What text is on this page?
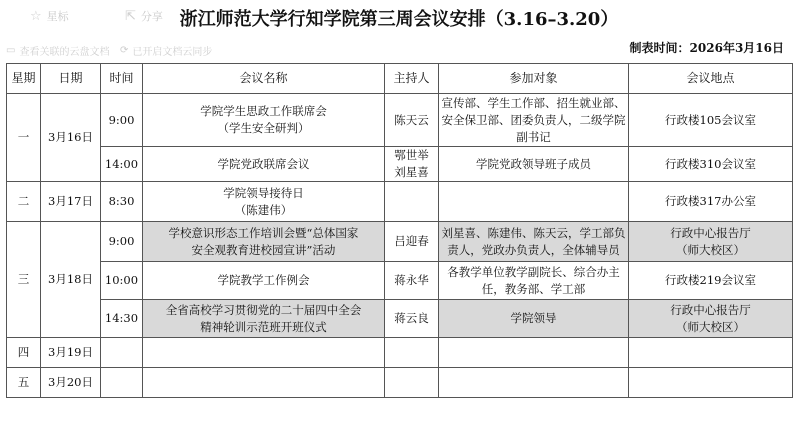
☆ 星标	⇱ 分享 浙江师范大学行知学院第三周会议安排（3.16–3.20）
▭ 查看关联的云盘文档 ⟳ 已开启文档云同步	制表时间：2026年3月16日
星期	日期	时间	会议名称	主持人	参加对象	会议地点

一	3月16日	9:00	学院学生思政工作联席会
（学生安全研判）	陈天云	宣传部、学生工作部、招生就业部、
安全保卫部、团委负责人，二级学院
副书记	行政楼105会议室

		14:00	学院党政联席会议	鄂世举
刘星喜	学院党政领导班子成员	行政楼310会议室

二	3月17日	8:30	学院领导接待日
（陈建伟）			行政楼317办公室

三	3月18日	9:00	学校意识形态工作培训会暨“总体国家
安全观教育进校园宣讲”活动	吕迎春	刘星喜、陈建伟、陈天云，学工部负
责人，党政办负责人，全体辅导员	行政中心报告厅
（师大校区）

		10:00	学院教学工作例会	蒋永华	各教学单位教学副院长、综合办主
任，教务部、学工部	行政楼219会议室

		14:30	全省高校学习贯彻党的二十届四中全会
精神轮训示范班开班仪式	蒋云良	学院领导	行政中心报告厅
（师大校区）

四	3月19日					

五	3月20日					
